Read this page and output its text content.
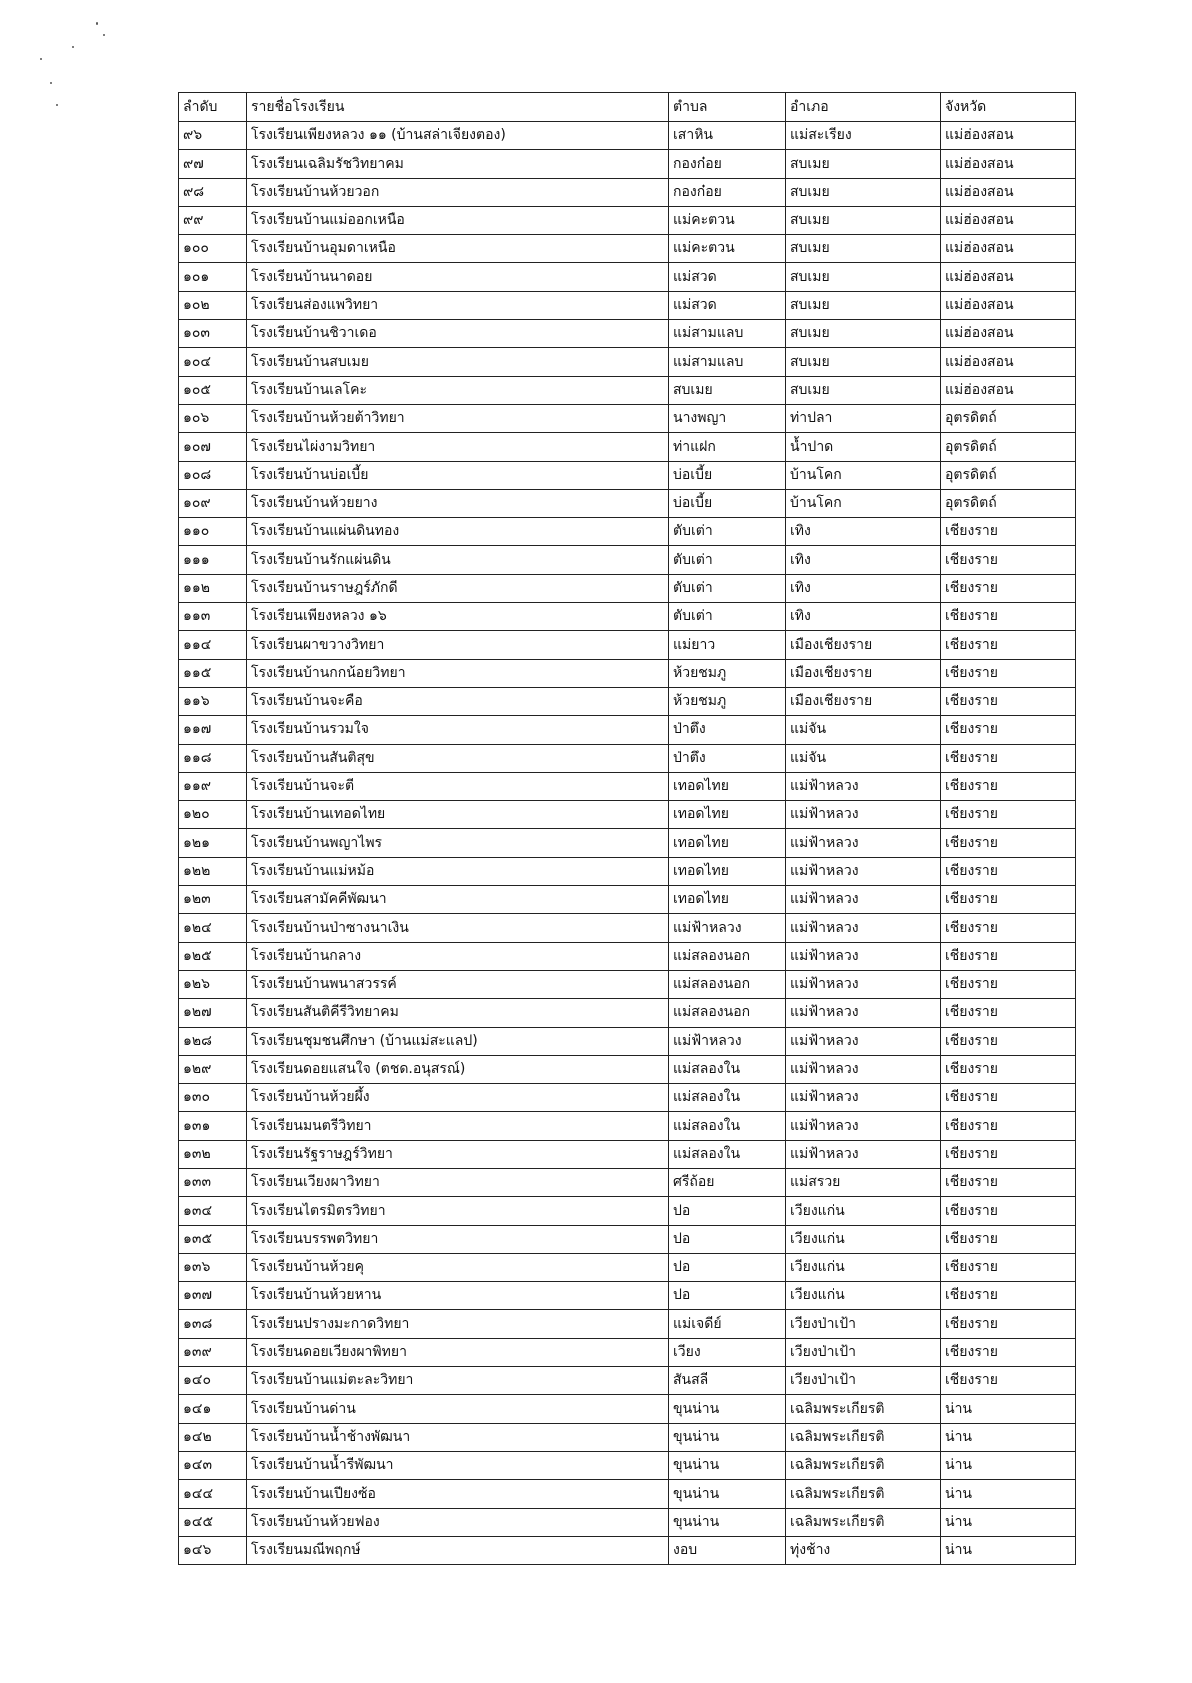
ลำดับ	รายชื่อโรงเรียน	ตำบล	อำเภอ	จังหวัด
๙๖	โรงเรียนเพียงหลวง ๑๑ (บ้านสล่าเจียงตอง)	เสาหิน	แม่สะเรียง	แม่ฮ่องสอน
๙๗	โรงเรียนเฉลิมรัชวิทยาคม	กองก๋อย	สบเมย	แม่ฮ่องสอน
๙๘	โรงเรียนบ้านห้วยวอก	กองก๋อย	สบเมย	แม่ฮ่องสอน
๙๙	โรงเรียนบ้านแม่ออกเหนือ	แม่คะตวน	สบเมย	แม่ฮ่องสอน
๑๐๐	โรงเรียนบ้านอุมดาเหนือ	แม่คะตวน	สบเมย	แม่ฮ่องสอน
๑๐๑	โรงเรียนบ้านนาดอย	แม่สวด	สบเมย	แม่ฮ่องสอน
๑๐๒	โรงเรียนส่องแพวิทยา	แม่สวด	สบเมย	แม่ฮ่องสอน
๑๐๓	โรงเรียนบ้านชิวาเดอ	แม่สามแลบ	สบเมย	แม่ฮ่องสอน
๑๐๔	โรงเรียนบ้านสบเมย	แม่สามแลบ	สบเมย	แม่ฮ่องสอน
๑๐๕	โรงเรียนบ้านเลโคะ	สบเมย	สบเมย	แม่ฮ่องสอน
๑๐๖	โรงเรียนบ้านห้วยต้าวิทยา	นางพญา	ท่าปลา	อุตรดิตถ์
๑๐๗	โรงเรียนไผ่งามวิทยา	ท่าแฝก	น้ำปาด	อุตรดิตถ์
๑๐๘	โรงเรียนบ้านบ่อเบี้ย	บ่อเบี้ย	บ้านโคก	อุตรดิตถ์
๑๐๙	โรงเรียนบ้านห้วยยาง	บ่อเบี้ย	บ้านโคก	อุตรดิตถ์
๑๑๐	โรงเรียนบ้านแผ่นดินทอง	ตับเต่า	เทิง	เชียงราย
๑๑๑	โรงเรียนบ้านรักแผ่นดิน	ตับเต่า	เทิง	เชียงราย
๑๑๒	โรงเรียนบ้านราษฎร์ภักดี	ตับเต่า	เทิง	เชียงราย
๑๑๓	โรงเรียนเพียงหลวง ๑๖	ตับเต่า	เทิง	เชียงราย
๑๑๔	โรงเรียนผาขวางวิทยา	แม่ยาว	เมืองเชียงราย	เชียงราย
๑๑๕	โรงเรียนบ้านกกน้อยวิทยา	ห้วยชมภู	เมืองเชียงราย	เชียงราย
๑๑๖	โรงเรียนบ้านจะคือ	ห้วยชมภู	เมืองเชียงราย	เชียงราย
๑๑๗	โรงเรียนบ้านรวมใจ	ป่าตึง	แม่จัน	เชียงราย
๑๑๘	โรงเรียนบ้านสันติสุข	ป่าตึง	แม่จัน	เชียงราย
๑๑๙	โรงเรียนบ้านจะตี	เทอดไทย	แม่ฟ้าหลวง	เชียงราย
๑๒๐	โรงเรียนบ้านเทอดไทย	เทอดไทย	แม่ฟ้าหลวง	เชียงราย
๑๒๑	โรงเรียนบ้านพญาไพร	เทอดไทย	แม่ฟ้าหลวง	เชียงราย
๑๒๒	โรงเรียนบ้านแม่หม้อ	เทอดไทย	แม่ฟ้าหลวง	เชียงราย
๑๒๓	โรงเรียนสามัคคีพัฒนา	เทอดไทย	แม่ฟ้าหลวง	เชียงราย
๑๒๔	โรงเรียนบ้านป่าซางนาเงิน	แม่ฟ้าหลวง	แม่ฟ้าหลวง	เชียงราย
๑๒๕	โรงเรียนบ้านกลาง	แม่สลองนอก	แม่ฟ้าหลวง	เชียงราย
๑๒๖	โรงเรียนบ้านพนาสวรรค์	แม่สลองนอก	แม่ฟ้าหลวง	เชียงราย
๑๒๗	โรงเรียนสันติคีรีวิทยาคม	แม่สลองนอก	แม่ฟ้าหลวง	เชียงราย
๑๒๘	โรงเรียนชุมชนศึกษา (บ้านแม่สะแลป)	แม่ฟ้าหลวง	แม่ฟ้าหลวง	เชียงราย
๑๒๙	โรงเรียนดอยแสนใจ (ตชด.อนุสรณ์)	แม่สลองใน	แม่ฟ้าหลวง	เชียงราย
๑๓๐	โรงเรียนบ้านห้วยผึ้ง	แม่สลองใน	แม่ฟ้าหลวง	เชียงราย
๑๓๑	โรงเรียนมนตรีวิทยา	แม่สลองใน	แม่ฟ้าหลวง	เชียงราย
๑๓๒	โรงเรียนรัฐราษฎร์วิทยา	แม่สลองใน	แม่ฟ้าหลวง	เชียงราย
๑๓๓	โรงเรียนเวียงผาวิทยา	ศรีถ้อย	แม่สรวย	เชียงราย
๑๓๔	โรงเรียนไตรมิตรวิทยา	ปอ	เวียงแก่น	เชียงราย
๑๓๕	โรงเรียนบรรพตวิทยา	ปอ	เวียงแก่น	เชียงราย
๑๓๖	โรงเรียนบ้านห้วยคุ	ปอ	เวียงแก่น	เชียงราย
๑๓๗	โรงเรียนบ้านห้วยหาน	ปอ	เวียงแก่น	เชียงราย
๑๓๘	โรงเรียนปรางมะกาดวิทยา	แม่เจดีย์	เวียงป่าเป้า	เชียงราย
๑๓๙	โรงเรียนดอยเวียงผาพิทยา	เวียง	เวียงป่าเป้า	เชียงราย
๑๔๐	โรงเรียนบ้านแม่ตะละวิทยา	สันสลี	เวียงป่าเป้า	เชียงราย
๑๔๑	โรงเรียนบ้านด่าน	ขุนน่าน	เฉลิมพระเกียรติ	น่าน
๑๔๒	โรงเรียนบ้านน้ำช้างพัฒนา	ขุนน่าน	เฉลิมพระเกียรติ	น่าน
๑๔๓	โรงเรียนบ้านน้ำรีพัฒนา	ขุนน่าน	เฉลิมพระเกียรติ	น่าน
๑๔๔	โรงเรียนบ้านเปียงซ้อ	ขุนน่าน	เฉลิมพระเกียรติ	น่าน
๑๔๕	โรงเรียนบ้านห้วยฟอง	ขุนน่าน	เฉลิมพระเกียรติ	น่าน
๑๔๖	โรงเรียนมณีพฤกษ์	งอบ	ทุ่งช้าง	น่าน
